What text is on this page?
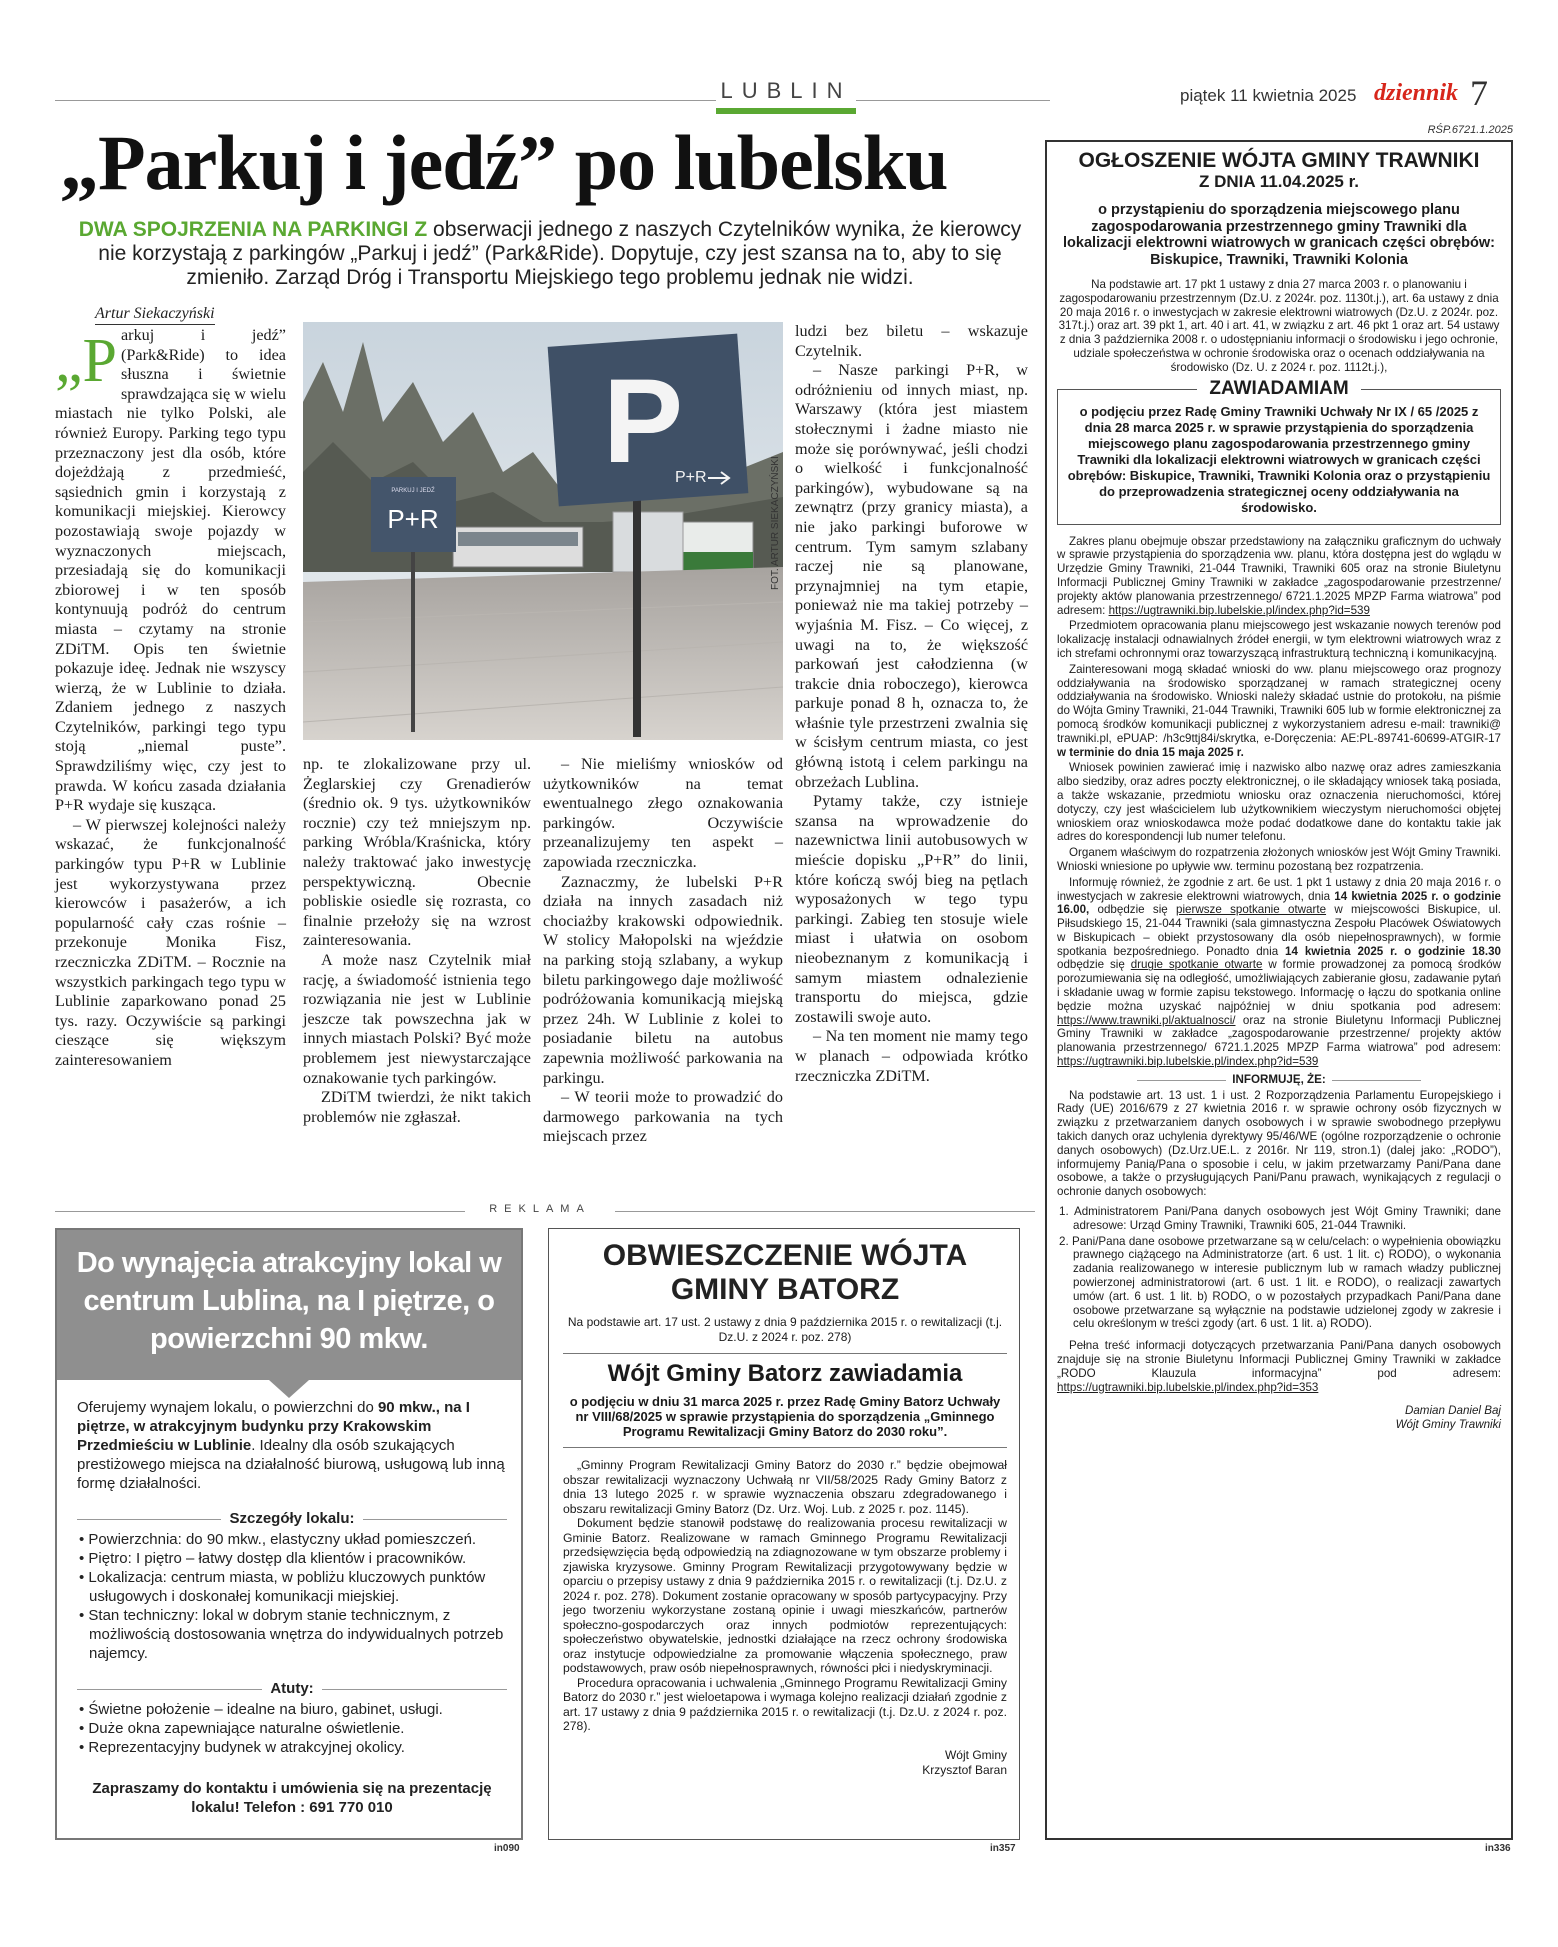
LUBLIN	piątek 11 kwietnia 2025 dziennik 7
„Parkuj i jedź” po lubelsku
DWA SPOJRZENIA NA PARKINGI Z obserwacji jednego z naszych Czytelników wynika, że kierowcy nie korzystają z parkingów „Parkuj i jedź” (Park&Ride). Dopytuje, czy jest szansa na to, aby to się zmieniło. Zarząd Dróg i Transportu Miejskiego tego problemu jednak nie widzi.
Artur Siekaczyński
„P arkuj i jedź” (Park&Ride) to idea słuszna i świetnie sprawdzająca się w wielu miastach nie tylko Polski, ale również Europy. Parking tego typu przeznaczony jest dla osób, które dojeżdżają z przedmieść, sąsiednich gmin i korzystają z komunikacji miejskiej. Kierowcy pozostawiają swoje pojazdy w wyznaczonych miejscach, przesiadają się do komunikacji zbiorowej i w ten sposób kontynuują podróż do centrum miasta – czytamy na stronie ZDiTM. Opis ten świetnie pokazuje ideę. Jednak nie wszyscy wierzą, że w Lublinie to działa. Zdaniem jednego z naszych Czytelników, parkingi tego typu stoją „niemal puste”. Sprawdziliśmy więc, czy jest to prawda. W końcu zasada działania P+R wydaje się kusząca.

– W pierwszej kolejności należy wskazać, że funkcjonalność parkingów typu P+R w Lublinie jest wykorzystywana przez kierowców i pasażerów, a ich popularność cały czas rośnie – przekonuje Monika Fisz, rzeczniczka ZDiTM. – Rocznie na wszystkich parkingach tego typu w Lublinie zaparkowano ponad 25 tys. razy. Oczywiście są parkingi cieszące się większym zainteresowaniem

P+R
PARKUJ I JEDŹ
P
P+R	FOT. ARTUR SIEKACZYŃSKI

np. te zlokalizowane przy ul. Żeglarskiej czy Grenadierów (średnio ok. 9 tys. użytkowników rocznie) czy też mniejszym np. parking Wróbla/Kraśnicka, który należy traktować jako inwestycję perspektywiczną. Obecnie pobliskie osiedle się rozrasta, co finalnie przełoży się na wzrost zainteresowania.

A może nasz Czytelnik miał rację, a świadomość istnienia tego rozwiązania nie jest w Lublinie jeszcze tak powszechna jak w innych miastach Polski? Być może problemem jest niewystarczające oznakowanie tych parkingów.

ZDiTM twierdzi, że nikt takich problemów nie zgłaszał.

– Nie mieliśmy wniosków od użytkowników na temat ewentualnego złego oznakowania parkingów. Oczywiście przeanalizujemy ten aspekt – zapowiada rzeczniczka.

Zaznaczmy, że lubelski P+R działa na innych zasadach niż chociażby krakowski odpowiednik. W stolicy Małopolski na wjeździe na parking stoją szlabany, a wykup biletu parkingowego daje możliwość podróżowania komunikacją miejską przez 24h. W Lublinie z kolei to posiadanie biletu na autobus zapewnia możliwość parkowania na parkingu.

– W teorii może to prowadzić do darmowego parkowania na tych miejscach przez

ludzi bez biletu – wskazuje Czytelnik.

– Nasze parkingi P+R, w odróżnieniu od innych miast, np. Warszawy (która jest miastem stołecznymi i żadne miasto nie może się porównywać, jeśli chodzi o wielkość i funkcjonalność parkingów), wybudowane są na zewnątrz (przy granicy miasta), a nie jako parkingi buforowe w centrum. Tym samym szlabany raczej nie są planowane, przynajmniej na tym etapie, ponieważ nie ma takiej potrzeby – wyjaśnia M. Fisz. – Co więcej, z uwagi na to, że większość parkowań jest całodzienna (w trakcie dnia roboczego), kierowca parkuje ponad 8 h, oznacza to, że właśnie tyle przestrzeni zwalnia się w ścisłym centrum miasta, co jest główną istotą i celem parkingu na obrzeżach Lublina.

Pytamy także, czy istnieje szansa na wprowadzenie do nazewnictwa linii autobusowych w mieście dopisku „P+R” do linii, które kończą swój bieg na pętlach wyposażonych w tego typu parkingi. Zabieg ten stosuje wiele miast i ułatwia on osobom nieobeznanym z komunikacją i samym miastem odnalezienie transportu do miejsca, gdzie zostawili swoje auto.

– Na ten moment nie mamy tego w planach – odpowiada krótko rzeczniczka ZDiTM.

REKLAMA
Do wynajęcia atrakcyjny lokal w centrum Lublina, na I piętrze, o powierzchni 90 mkw.

Oferujemy wynajem lokalu, o powierzchni do 90 mkw., na I piętrze, w atrakcyjnym budynku przy Krakowskim Przedmieściu w Lublinie. Idealny dla osób szukających prestiżowego miejsca na działalność biurową, usługową lub inną formę działalności.

Szczegóły lokalu:
• Powierzchnia: do 90 mkw., elastyczny układ pomieszczeń.
• Piętro: I piętro – łatwy dostęp dla klientów i pracowników.
• Lokalizacja: centrum miasta, w pobliżu kluczowych punktów usługowych i doskonałej komunikacji miejskiej.
• Stan techniczny: lokal w dobrym stanie technicznym, z możliwością dostosowania wnętrza do indywidualnych potrzeb najemcy.
Atuty:
• Świetne położenie – idealne na biuro, gabinet, usługi.
• Duże okna zapewniające naturalne oświetlenie.
• Reprezentacyjny budynek w atrakcyjnej okolicy.
Zapraszamy do kontaktu i umówienia się na prezentację lokalu! Telefon : 691 770 010
in090
OBWIESZCZENIE WÓJTA GMINY BATORZ
Na podstawie art. 17 ust. 2 ustawy z dnia 9 października 2015 r. o rewitalizacji (t.j. Dz.U. z 2024 r. poz. 278)
Wójt Gminy Batorz zawiadamia
o podjęciu w dniu 31 marca 2025 r. przez Radę Gminy Batorz Uchwały nr VIII/68/2025 w sprawie przystąpienia do sporządzenia „Gminnego Programu Rewitalizacji Gminy Batorz do 2030 roku”.

„Gminny Program Rewitalizacji Gminy Batorz do 2030 r.” będzie obejmował obszar rewitalizacji wyznaczony Uchwałą nr VII/58/2025 Rady Gminy Batorz z dnia 13 lutego 2025 r. w sprawie wyznaczenia obszaru zdegradowanego i obszaru rewitalizacji Gminy Batorz (Dz. Urz. Woj. Lub. z 2025 r. poz. 1145).

Dokument będzie stanowił podstawę do realizowania procesu rewitalizacji w Gminie Batorz. Realizowane w ramach Gminnego Programu Rewitalizacji przedsięwzięcia będą odpowiedzią na zdiagnozowane w tym obszarze problemy i zjawiska kryzysowe. Gminny Program Rewitalizacji przygotowywany będzie w oparciu o przepisy ustawy z dnia 9 października 2015 r. o rewitalizacji (t.j. Dz.U. z 2024 r. poz. 278). Dokument zostanie opracowany w sposób partycypacyjny. Przy jego tworzeniu wykorzystane zostaną opinie i uwagi mieszkańców, partnerów społeczno-gospodarczych oraz innych podmiotów reprezentujących: społeczeństwo obywatelskie, jednostki działające na rzecz ochrony środowiska oraz instytucje odpowiedzialne za promowanie włączenia społecznego, praw podstawowych, praw osób niepełnosprawnych, równości płci i niedyskryminacji.

Procedura opracowania i uchwalenia „Gminnego Programu Rewitalizacji Gminy Batorz do 2030 r.” jest wieloetapowa i wymaga kolejno realizacji działań zgodnie z art. 17 ustawy z dnia 9 października 2015 r. o rewitalizacji (t.j. Dz.U. z 2024 r. poz. 278).

Wójt Gminy
Krzysztof Baran
in357
RŚP.6721.1.2025
OGŁOSZENIE WÓJTA GMINY TRAWNIKI
Z DNIA 11.04.2025 r.
o przystąpieniu do sporządzenia miejscowego planu zagospodarowania przestrzennego gminy Trawniki dla lokalizacji elektrowni wiatrowych w granicach części obrębów: Biskupice, Trawniki, Trawniki Kolonia
Na podstawie art. 17 pkt 1 ustawy z dnia 27 marca 2003 r. o planowaniu i zagospodarowaniu przestrzennym (Dz.U. z 2024r. poz. 1130t.j.), art. 6a ustawy z dnia 20 maja 2016 r. o inwestycjach w zakresie elektrowni wiatrowych (Dz.U. z 2024r. poz. 317t.j.) oraz art. 39 pkt 1, art. 40 i art. 41, w związku z art. 46 pkt 1 oraz art. 54 ustawy z dnia 3 października 2008 r. o udostępnianiu informacji o środowisku i jego ochronie, udziale społeczeństwa w ochronie środowiska oraz o ocenach oddziaływania na środowisko (Dz. U. z 2024 r. poz. 1112t.j.),
ZAWIADAMIAM
o podjęciu przez Radę Gminy Trawniki Uchwały Nr IX / 65 /2025 z dnia 28 marca 2025 r. w sprawie przystąpienia do sporządzenia miejscowego planu zagospodarowania przestrzennego gminy Trawniki dla lokalizacji elektrowni wiatrowych w granicach części obrębów: Biskupice, Trawniki, Trawniki Kolonia oraz o przystąpieniu do przeprowadzenia strategicznej oceny oddziaływania na środowisko.

Zakres planu obejmuje obszar przedstawiony na załączniku graficznym do uchwały w sprawie przystąpienia do sporządzenia ww. planu, która dostępna jest do wglądu w Urzędzie Gminy Trawniki, 21-044 Trawniki, Trawniki 605 oraz na stronie Biuletynu Informacji Publicznej Gminy Trawniki w zakładce „zagospodarowanie przestrzenne/ projekty aktów planowania przestrzennego/ 6721.1.2025 MPZP Farma wiatrowa” pod adresem: https://ugtrawniki.bip.lubelskie.pl/index.php?id=539

Przedmiotem opracowania planu miejscowego jest wskazanie nowych terenów pod lokalizację instalacji odnawialnych źródeł energii, w tym elektrowni wiatrowych wraz z ich strefami ochronnymi oraz towarzyszącą infrastrukturą techniczną i komunikacyjną.

Zainteresowani mogą składać wnioski do ww. planu miejscowego oraz prognozy oddziaływania na środowisko sporządzanej w ramach strategicznej oceny oddziaływania na środowisko. Wnioski należy składać ustnie do protokołu, na piśmie do Wójta Gminy Trawniki, 21-044 Trawniki, Trawniki 605 lub w formie elektronicznej za pomocą środków komunikacji publicznej z wykorzystaniem adresu e-mail: trawniki@ trawniki.pl, ePUAP: /h3c9ttj84i/skrytka, e-Doręczenia: AE:PL-89741-60699-ATGIR-17 w terminie do dnia 15 maja 2025 r.

Wniosek powinien zawierać imię i nazwisko albo nazwę oraz adres zamieszkania albo siedziby, oraz adres poczty elektronicznej, o ile składający wniosek taką posiada, a także wskazanie, przedmiotu wniosku oraz oznaczenia nieruchomości, której dotyczy, czy jest właścicielem lub użytkownikiem wieczystym nieruchomości objętej wnioskiem oraz wnioskodawca może podać dodatkowe dane do kontaktu takie jak adres do korespondencji lub numer telefonu.

Organem właściwym do rozpatrzenia złożonych wniosków jest Wójt Gminy Trawniki. Wnioski wniesione po upływie ww. terminu pozostaną bez rozpatrzenia.

Informuję również, że zgodnie z art. 6e ust. 1 pkt 1 ustawy z dnia 20 maja 2016 r. o inwestycjach w zakresie elektrowni wiatrowych, dnia 14 kwietnia 2025 r. o godzinie 16.00, odbędzie się pierwsze spotkanie otwarte w miejscowości Biskupice, ul. Piłsudskiego 15, 21-044 Trawniki (sala gimnastyczna Zespołu Placówek Oświatowych w Biskupicach – obiekt przystosowany dla osób niepełnosprawnych), w formie spotkania bezpośredniego. Ponadto dnia 14 kwietnia 2025 r. o godzinie 18.30 odbędzie się drugie spotkanie otwarte w formie prowadzonej za pomocą środków porozumiewania się na odległość, umożliwiających zabieranie głosu, zadawanie pytań i składanie uwag w formie zapisu tekstowego. Informację o łączu do spotkania online będzie można uzyskać najpóźniej w dniu spotkania pod adresem: https://www.trawniki.pl/aktualnosci/ oraz na stronie Biuletynu Informacji Publicznej Gminy Trawniki w zakładce „zagospodarowanie przestrzenne/ projekty aktów planowania przestrzennego/ 6721.1.2025 MPZP Farma wiatrowa” pod adresem: https://ugtrawniki.bip.lubelskie.pl/index.php?id=539

INFORMUJĘ, ŻE:

Na podstawie art. 13 ust. 1 i ust. 2 Rozporządzenia Parlamentu Europejskiego i Rady (UE) 2016/679 z 27 kwietnia 2016 r. w sprawie ochrony osób fizycznych w związku z przetwarzaniem danych osobowych i w sprawie swobodnego przepływu takich danych oraz uchylenia dyrektywy 95/46/WE (ogólne rozporządzenie o ochronie danych osobowych) (Dz.Urz.UE.L. z 2016r. Nr 119, stron.1) (dalej jako: „RODO”), informujemy Panią/Pana o sposobie i celu, w jakim przetwarzamy Pani/Pana dane osobowe, a także o przysługujących Pani/Panu prawach, wynikających z regulacji o ochronie danych osobowych:

1. Administratorem Pani/Pana danych osobowych jest Wójt Gminy Trawniki; dane adresowe: Urząd Gminy Trawniki, Trawniki 605, 21-044 Trawniki.
2. Pani/Pana dane osobowe przetwarzane są w celu/celach: o wypełnienia obowiązku prawnego ciążącego na Administratorze (art. 6 ust. 1 lit. c) RODO), o wykonania zadania realizowanego w interesie publicznym lub w ramach władzy publicznej powierzonej administratorowi (art. 6 ust. 1 lit. e RODO), o realizacji zawartych umów (art. 6 ust. 1 lit. b) RODO, o w pozostałych przypadkach Pani/Pana dane osobowe przetwarzane są wyłącznie na podstawie udzielonej zgody w zakresie i celu określonym w treści zgody (art. 6 ust. 1 lit. a) RODO).

Pełna treść informacji dotyczących przetwarzania Pani/Pana danych osobowych znajduje się na stronie Biuletynu Informacji Publicznej Gminy Trawniki w zakładce „RODO Klauzula informacyjna” pod adresem: https://ugtrawniki.bip.lubelskie.pl/index.php?id=353

Damian Daniel Baj
Wójt Gminy Trawniki
in336
